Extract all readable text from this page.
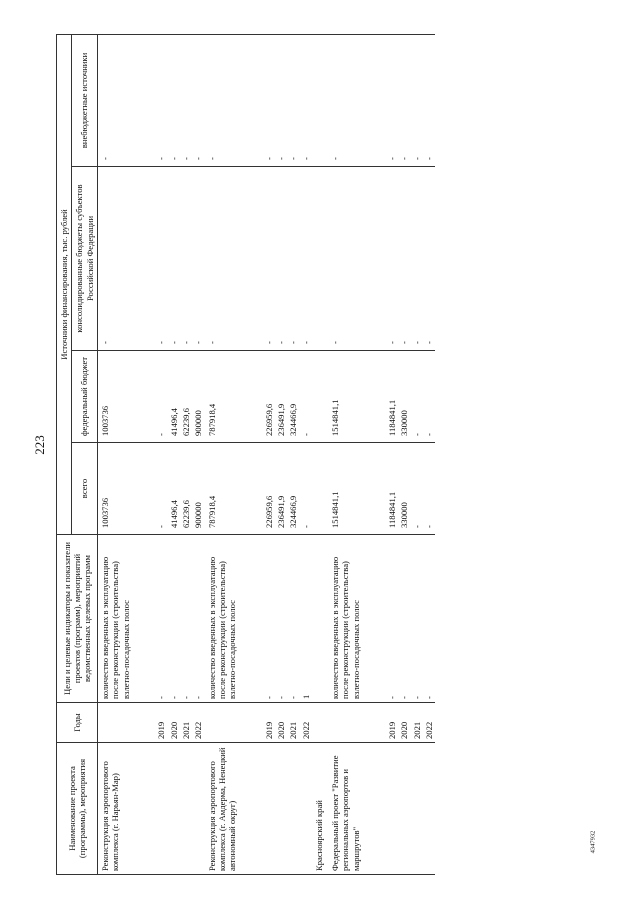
223
4347932
Наименование проекта (программы), мероприятия	Годы	Цели и целевые индикаторы и показатели проектов (программ), мероприятий ведомственных целевых программ	Источники финансирования, тыс. рублей			
			всего	федеральный бюджет	консолидированные бюджеты субъектов Российской Федерации	внебюджетные источники
Реконструкция аэропортового комплекса (г. Нарьян-Мар)		количество введенных в эксплуатацию после реконструкции (строительства) взлетно-посадочных полос	1003736	1003736	-	-
	2019	-	-	-	-	-
	2020	-	41496,4	41496,4	-	-
	2021	-	62239,6	62239,6	-	-
	2022	-	900000	900000	-	-
Реконструкция аэропортового комплекса (г. Амдерма, Ненецкий автономный округ)		количество введенных в эксплуатацию после реконструкции (строительства) взлетно-посадочных полос	787918,4	787918,4	-	-
	2019	-	226959,6	226959,6	-	-
	2020	-	236491,9	236491,9	-	-
	2021	-	324466,9	324466,9	-	-
	2022	1	-	-	-	-
Красноярский край						
Федеральный проект "Развитие региональных аэропортов и маршрутов"		количество введенных в эксплуатацию после реконструкции (строительства) взлетно-посадочных полос	1514841,1	1514841,1	-	-
	2019	-	1184841,1	1184841,1	-	-
	2020	-	330000	330000	-	-
	2021	-	-	-	-	-
	2022	-	-	-	-	-
